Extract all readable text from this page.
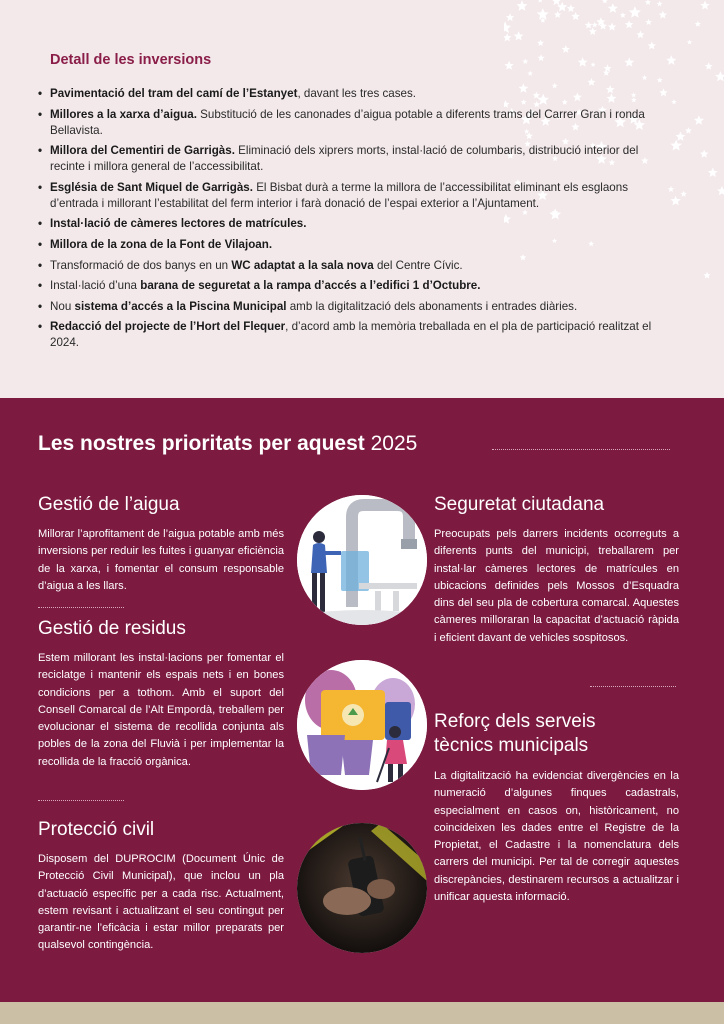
Detall de les inversions
• Pavimentació del tram del camí de l’Estanyet, davant les tres cases.
• Millores a la xarxa d’aigua. Substitució de les canonades d’aigua potable a diferents trams del Carrer Gran i ronda Bellavista.
• Millora del Cementiri de Garrigàs. Eliminació dels xiprers morts, instal·lació de columbaris, distribució interior del recinte i millora general de l’accessibilitat.
• Església de Sant Miquel de Garrigàs. El Bisbat durà a terme la millora de l’accessibilitat eliminant els esglaons d’entrada i millorant l’estabilitat del ferm interior i farà donació de l’espai exterior a l’Ajuntament.
• Instal·lació de càmeres lectores de matrícules.
• Millora de la zona de la Font de Vilajoan.
• Transformació de dos banys en un WC adaptat a la sala nova del Centre Cívic.
• Instal·lació d’una barana de seguretat a la rampa d’accés a l’edifici 1 d’Octubre.
• Nou sistema d’accés a la Piscina Municipal amb la digitalització dels abonaments i entrades diàries.
• Redacció del projecte de l’Hort del Flequer, d’acord amb la memòria treballada en el pla de participació realitzat el 2024.
Les nostres prioritats per aquest 2025
Gestió de l’aigua

Millorar l’aprofitament de l’aigua potable amb més inversions per reduir les fuites i guanyar eficiència de la xarxa, i fomentar el consum responsable d’aigua a les llars.

Gestió de residus

Estem millorant les instal·lacions per fomentar el reciclatge i mantenir els espais nets i en bones condicions per a tothom. Amb el suport del Consell Comarcal de l’Alt Empordà, treballem per evolucionar el sistema de recollida conjunta als pobles de la zona del Fluvià i per implementar la recollida de la fracció orgànica.

Protecció civil

Disposem del DUPROCIM (Document Únic de Protecció Civil Municipal), que inclou un pla d’actuació específic per a cada risc. Actualment, estem revisant i actualitzant el seu contingut per garantir-ne l’eficàcia i estar millor preparats per qualsevol contingència.

Seguretat ciutadana

Preocupats pels darrers incidents ocorreguts a diferents punts del municipi, treballarem per instal·lar càmeres lectores de matrícules en ubicacions definides pels Mossos d’Esquadra dins del seu pla de cobertura comarcal. Aquestes càmeres milloraran la capacitat d’actuació ràpida i eficient davant de vehicles sospitosos.

Reforç dels serveis
tècnics municipals

La digitalització ha evidenciat divergències en la numeració d’algunes finques cadastrals, especialment en casos on, històricament, no coincideixen les dades entre el Registre de la Propietat, el Cadastre i la nomenclatura dels carrers del municipi. Per tal de corregir aquestes discrepàncies, destinarem recursos a actualitzar i unificar aquesta informació.
